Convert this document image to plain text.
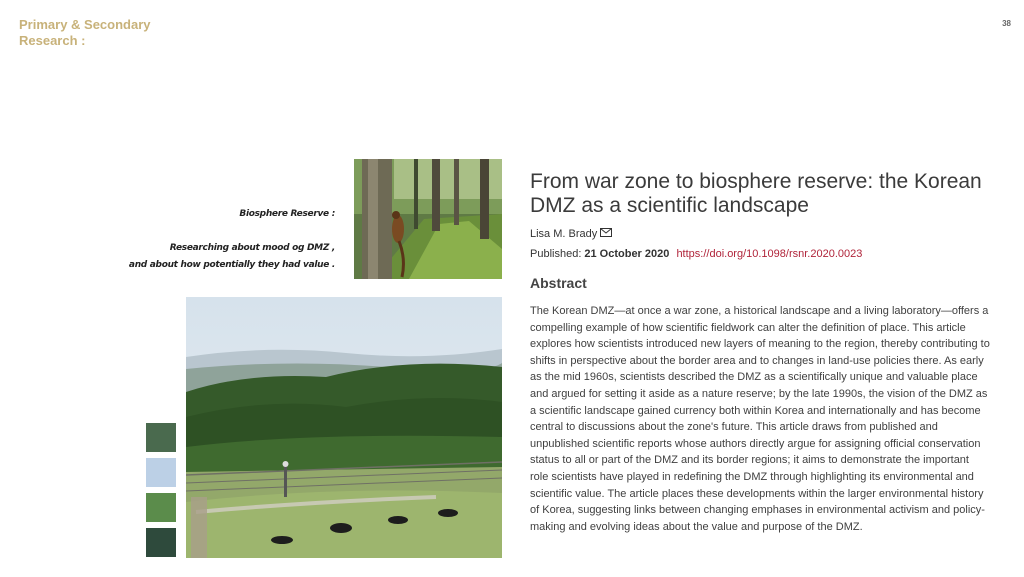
Primary & Secondary
Research :
38
Biosphere Reserve :
Researching about mood og DMZ ,
and about how potentially they had value .
From war zone to biosphere reserve: the Korean DMZ as a scientific landscape
Lisa M. Brady
Published: 21 October 2020 https://doi.org/10.1098/rsnr.2020.0023
Abstract
The Korean DMZ—at once a war zone, a historical landscape and a living laboratory—offers a compelling example of how scientific fieldwork can alter the definition of place. This article explores how scientists introduced new layers of meaning to the region, thereby contributing to shifts in perspective about the border area and to changes in land-use policies there. As early as the mid 1960s, scientists described the DMZ as a scientifically unique and valuable place and argued for setting it aside as a nature reserve; by the late 1990s, the vision of the DMZ as a scientific landscape gained currency both within Korea and internationally and has become central to discussions about the zone's future. This article draws from published and unpublished scientific reports whose authors directly argue for assigning official conservation status to all or part of the DMZ and its border regions; it aims to demonstrate the important role scientists have played in redefining the DMZ through highlighting its environmental and scientific value. The article places these developments within the larger environmental history of Korea, suggesting links between changing emphases in environmental activism and policy-making and evolving ideas about the value and purpose of the DMZ.
